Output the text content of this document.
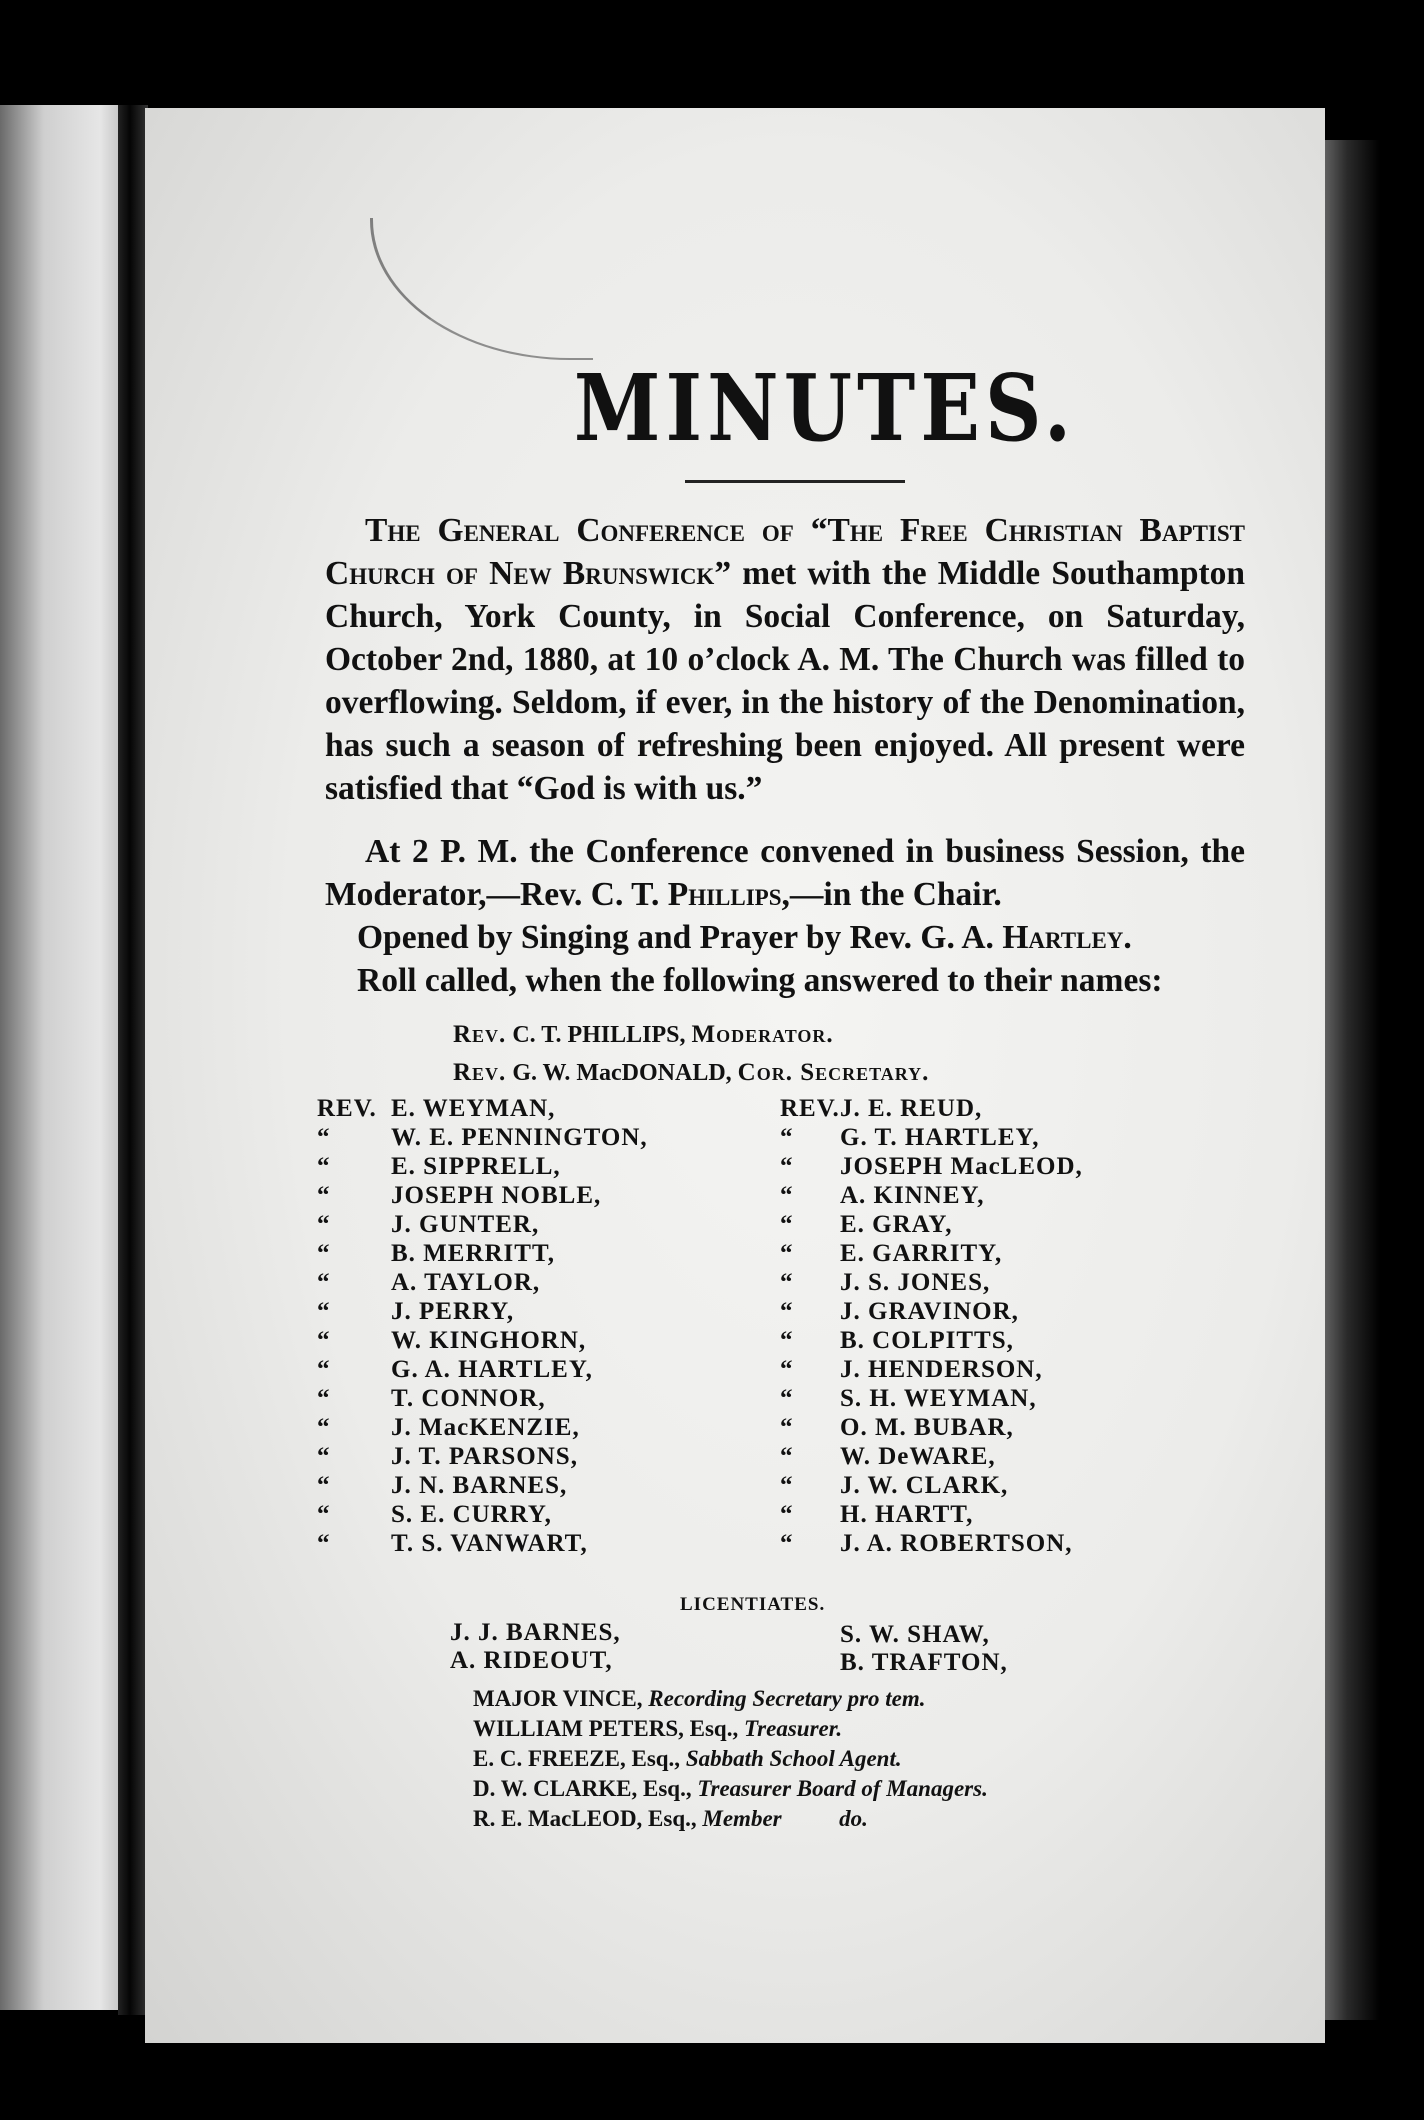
MINUTES.

The General Conference of “The Free Christian Baptist Church of New Brunswick” met with the Middle Southampton Church, York County, in Social Conference, on Saturday, October 2nd, 1880, at 10 o’clock A. M. The Church was filled to overflowing. Seldom, if ever, in the history of the Denomination, has such a season of refreshing been enjoyed. All present were satisfied that “God is with us.”

At 2 P. M. the Conference convened in business Session, the Moderator,—Rev. C. T. Phillips,—in the Chair.

Opened by Singing and Prayer by Rev. G. A. Hartley.

Roll called, when the following answered to their names:

Rev. C. T. PHILLIPS, Moderator.
Rev. G. W. MacDONALD, Cor. Secretary.
REV. E. WEYMAN,
“ W. E. PENNINGTON,
“ E. SIPPRELL,
“ JOSEPH NOBLE,
“ J. GUNTER,
“ B. MERRITT,
“ A. TAYLOR,
“ J. PERRY,
“ W. KINGHORN,
“ G. A. HARTLEY,
“ T. CONNOR,
“ J. MacKENZIE,
“ J. T. PARSONS,
“ J. N. BARNES,
“ S. E. CURRY,
“ T. S. VANWART,
REV.J. E. REUD,
“ G. T. HARTLEY,
“ JOSEPH MacLEOD,
“ A. KINNEY,
“ E. GRAY,
“ E. GARRITY,
“ J. S. JONES,
“ J. GRAVINOR,
“ B. COLPITTS,
“ J. HENDERSON,
“ S. H. WEYMAN,
“ O. M. BUBAR,
“ W. DeWARE,
“ J. W. CLARK,
“ H. HARTT,
“ J. A. ROBERTSON,
LICENTIATES.
J. J. BARNES,
A. RIDEOUT,
S. W. SHAW,
B. TRAFTON,
MAJOR VINCE, Recording Secretary pro tem.
WILLIAM PETERS, Esq., Treasurer.
E. C. FREEZE, Esq., Sabbath School Agent.
D. W. CLARKE, Esq., Treasurer Board of Managers.
R. E. MacLEOD, Esq., Member          do.
